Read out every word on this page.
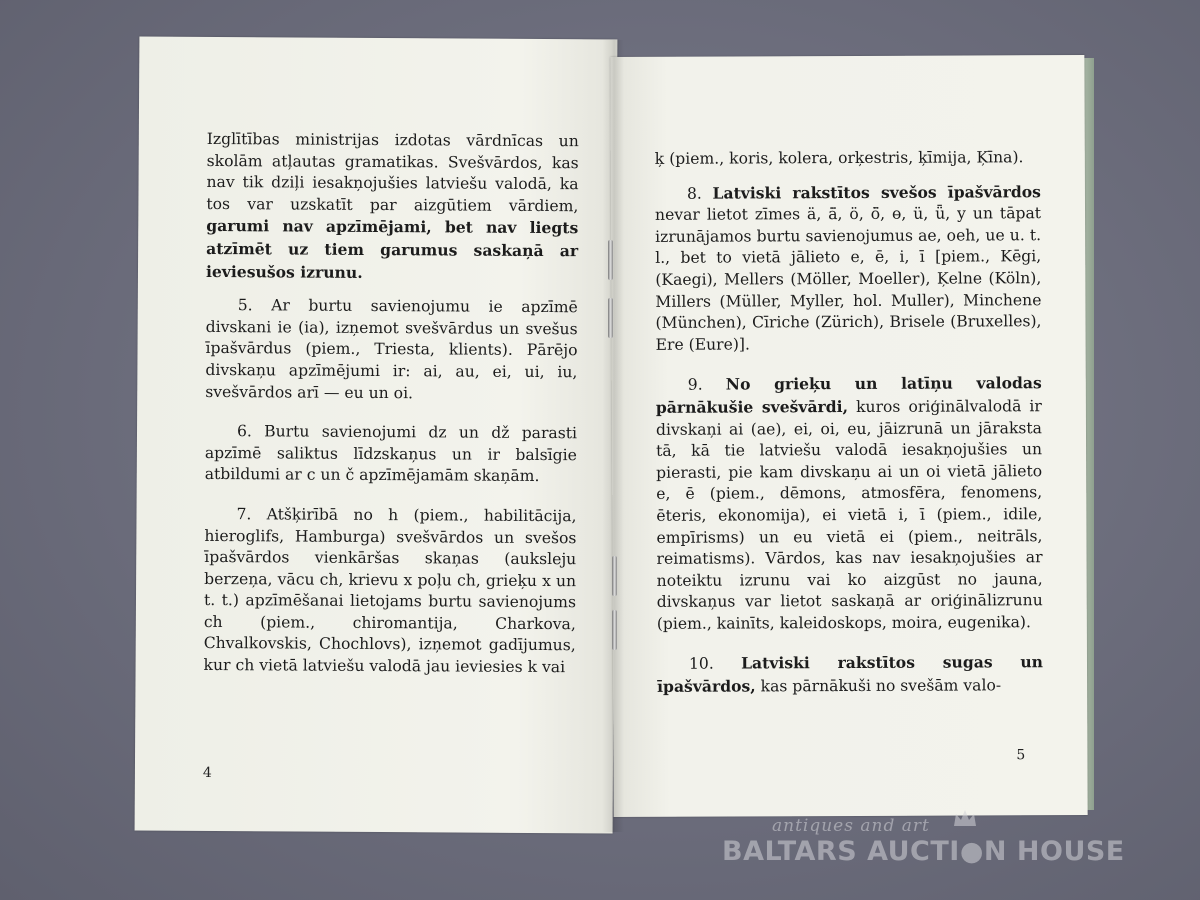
Izglītības ministrijas izdotas vārdnīcas un skolām atļautas gramatikas. Svešvārdos, kas nav tik dziļi iesakņojušies latviešu valodā, ka tos var uzskatīt par aizgūtiem vārdiem, garumi nav apzīmējami, bet nav liegts atzīmēt uz tiem garumus saskaņā ar ieviesušos izrunu.

5. Ar burtu savienojumu ie apzīmē divskani ie (ia), izņemot svešvārdus un svešus īpašvārdus (piem., Triesta, klients). Pārējo divskaņu apzīmējumi ir: ai, au, ei, ui, iu, svešvārdos arī — eu un oi.

6. Burtu savienojumi dz un dž parasti apzīmē saliktus līdzskaņus un ir balsīgie atbildumi ar c un č apzīmējamām skaņām.

7. Atšķirībā no h (piem., habilitācija, hieroglifs, Hamburga) svešvārdos un svešos īpašvārdos vienkāršas skaņas (auksleju berzeņa, vācu ch, krievu x poļu ch, grieķu x un t. t.) apzīmēšanai lietojams burtu savienojums ch (piem., chiromantija, Charkova, Chvalkovskis, Chochlovs), izņemot gadījumus, kur ch vietā latviešu valodā jau ieviesies k vai

4

ķ (piem., koris, kolera, orķestris, ķīmija, Ķīna).

8. Latviski rakstītos svešos īpašvārdos nevar lietot zīmes ä, ā̈, ö, ō̈, ɵ, ü, ǖ, y un tāpat izrunājamos burtu savienojumus ae, oeh, ue u. t. l., bet to vietā jālieto e, ē, i, ī [piem., Kēgi, (Kaegi), Mellers (Möller, Moeller), Ķelne (Köln), Millers (Müller, Myller, hol. Muller), Minchene (München), Cīriche (Zürich), Brisele (Bruxelles), Ere (Eure)].

9. No grieķu un latīņu valodas pārnākušie svešvārdi, kuros oriģinālvalodā ir divskaņi ai (ae), ei, oi, eu, jāizrunā un jāraksta tā, kā tie latviešu valodā iesakņojušies un pierasti, pie kam divskaņu ai un oi vietā jālieto e, ē (piem., dēmons, atmosfēra, fenomens, ēteris, ekonomija), ei vietā i, ī (piem., idile, empīrisms) un eu vietā ei (piem., neitrāls, reimatisms). Vārdos, kas nav iesakņojušies ar noteiktu izrunu vai ko aizgūst no jauna, divskaņus var lietot saskaņā ar oriģinālizrunu (piem., kainīts, kaleidoskops, moira, eugenika).

10. Latviski rakstītos sugas un īpašvārdos, kas pārnākuši no svešām valo-

5
antiques and art
BALTARS AUCTI●N HOUSE
